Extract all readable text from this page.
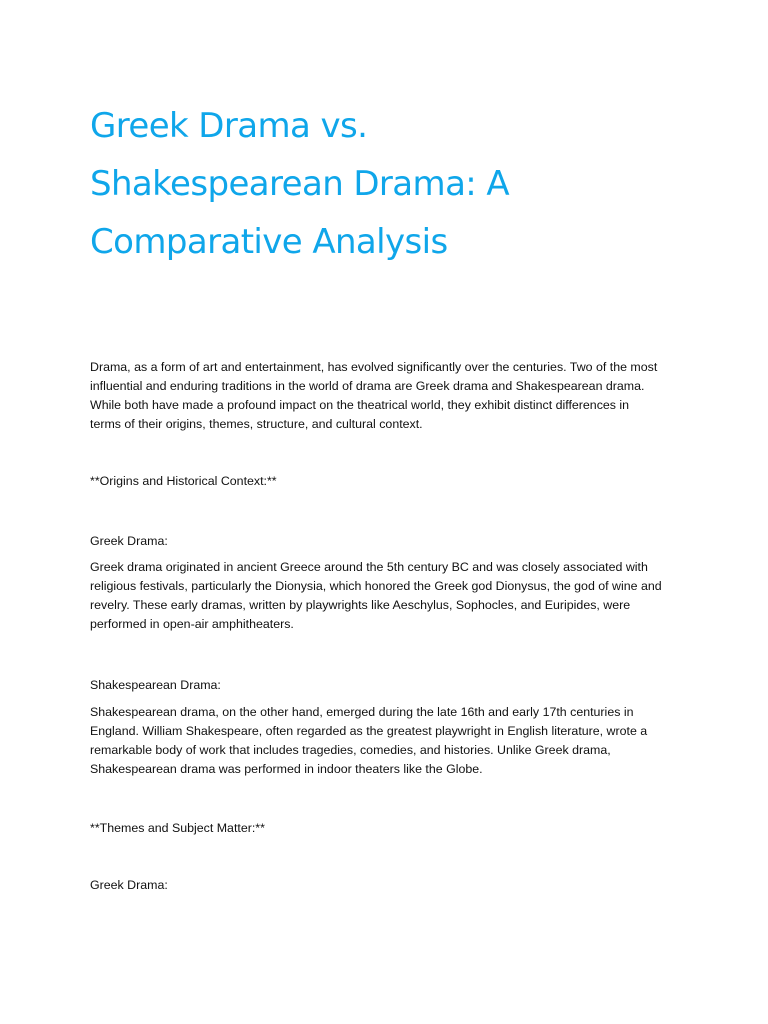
Greek Drama vs.
Shakespearean Drama: A
Comparative Analysis

Drama, as a form of art and entertainment, has evolved significantly over the centuries. Two of the most
influential and enduring traditions in the world of drama are Greek drama and Shakespearean drama.
While both have made a profound impact on the theatrical world, they exhibit distinct differences in
terms of their origins, themes, structure, and cultural context.

**Origins and Historical Context:**

Greek Drama:

Greek drama originated in ancient Greece around the 5th century BC and was closely associated with
religious festivals, particularly the Dionysia, which honored the Greek god Dionysus, the god of wine and
revelry. These early dramas, written by playwrights like Aeschylus, Sophocles, and Euripides, were
performed in open-air amphitheaters.

Shakespearean Drama:

Shakespearean drama, on the other hand, emerged during the late 16th and early 17th centuries in
England. William Shakespeare, often regarded as the greatest playwright in English literature, wrote a
remarkable body of work that includes tragedies, comedies, and histories. Unlike Greek drama,
Shakespearean drama was performed in indoor theaters like the Globe.

**Themes and Subject Matter:**

Greek Drama:
